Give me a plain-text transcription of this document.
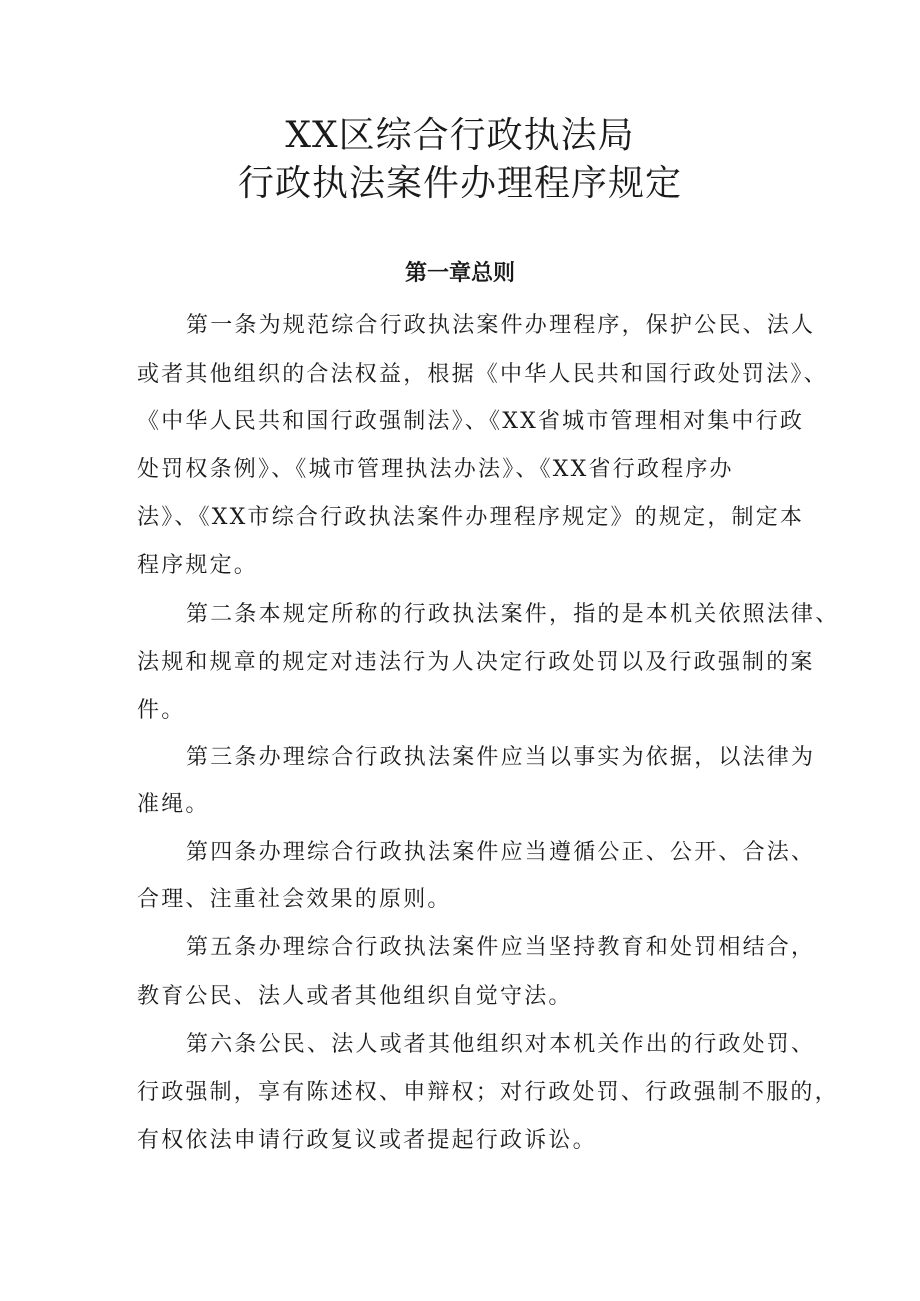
XX区综合行政执法局
行政执法案件办理程序规定
第一章总则

第一条为规范综合行政执法案件办理程序，保护公民、法人

或者其他组织的合法权益，根据《中华人民共和国行政处罚法》、

《中华人民共和国行政强制法》、《XX省城市管理相对集中行政

处罚权条例》、《城市管理执法办法》、《XX省行政程序办

法》、《XX市综合行政执法案件办理程序规定》的规定，制定本

程序规定。

第二条本规定所称的行政执法案件，指的是本机关依照法律、

法规和规章的规定对违法行为人决定行政处罚以及行政强制的案

件。

第三条办理综合行政执法案件应当以事实为依据，以法律为

准绳。

第四条办理综合行政执法案件应当遵循公正、公开、合法、

合理、注重社会效果的原则。

第五条办理综合行政执法案件应当坚持教育和处罚相结合，

教育公民、法人或者其他组织自觉守法。

第六条公民、法人或者其他组织对本机关作出的行政处罚、

行政强制，享有陈述权、申辩权；对行政处罚、行政强制不服的，

有权依法申请行政复议或者提起行政诉讼。
